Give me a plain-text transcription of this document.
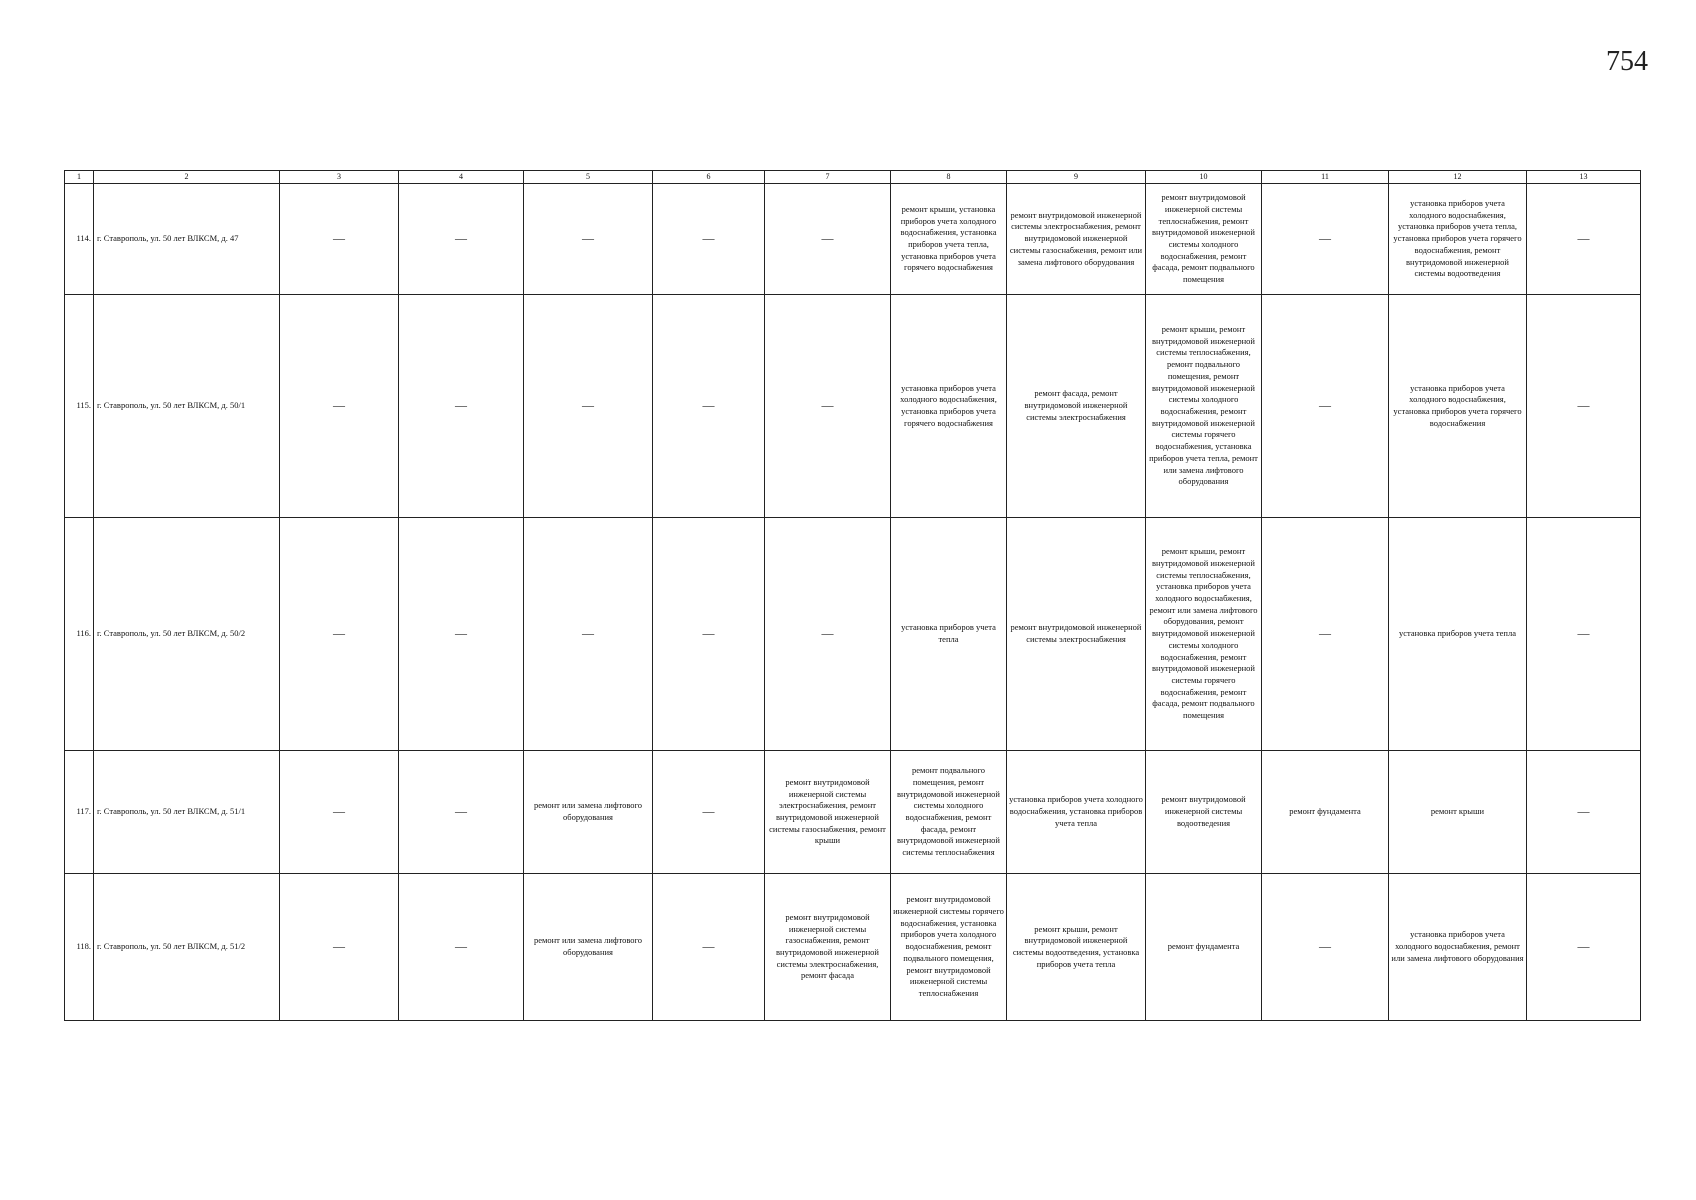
754
1	2	3	4	5	6	7	8	9	10	11	12	13
114.	г. Ставрополь, ул. 50 лет ВЛКСМ, д. 47	—	—	—	—	—	ремонт крыши, установка приборов учета холодного водоснабжения, установка приборов учета тепла, установка приборов учета горячего водоснабжения	ремонт внутридомовой инженерной системы электроснабжения, ремонт внутридомовой инженерной системы газоснабжения, ремонт или замена лифтового оборудования	ремонт внутридомовой инженерной системы теплоснабжения, ремонт внутридомовой инженерной системы холодного водоснабжения, ремонт фасада, ремонт подвального помещения	—	установка приборов учета холодного водоснабжения, установка приборов учета тепла, установка приборов учета горячего водоснабжения, ремонт внутридомовой инженерной системы водоотведения	—
115.	г. Ставрополь, ул. 50 лет ВЛКСМ, д. 50/1	—	—	—	—	—	установка приборов учета холодного водоснабжения, установка приборов учета горячего водоснабжения	ремонт фасада, ремонт внутридомовой инженерной системы электроснабжения	ремонт крыши, ремонт внутридомовой инженерной системы теплоснабжения, ремонт подвального помещения, ремонт внутридомовой инженерной системы холодного водоснабжения, ремонт внутридомовой инженерной системы горячего водоснабжения, установка приборов учета тепла, ремонт или замена лифтового оборудования	—	установка приборов учета холодного водоснабжения, установка приборов учета горячего водоснабжения	—
116.	г. Ставрополь, ул. 50 лет ВЛКСМ, д. 50/2	—	—	—	—	—	установка приборов учета тепла	ремонт внутридомовой инженерной системы электроснабжения	ремонт крыши, ремонт внутридомовой инженерной системы теплоснабжения, установка приборов учета холодного водоснабжения, ремонт или замена лифтового оборудования, ремонт внутридомовой инженерной системы холодного водоснабжения, ремонт внутридомовой инженерной системы горячего водоснабжения, ремонт фасада, ремонт подвального помещения	—	установка приборов учета тепла	—
117.	г. Ставрополь, ул. 50 лет ВЛКСМ, д. 51/1	—	—	ремонт или замена лифтового оборудования	—	ремонт внутридомовой инженерной системы электроснабжения, ремонт внутридомовой инженерной системы газоснабжения, ремонт крыши	ремонт подвального помещения, ремонт внутридомовой инженерной системы холодного водоснабжения, ремонт фасада, ремонт внутридомовой инженерной системы теплоснабжения	установка приборов учета холодного водоснабжения, установка приборов учета тепла	ремонт внутридомовой инженерной системы водоотведения	ремонт фундамента	ремонт крыши	—
118.	г. Ставрополь, ул. 50 лет ВЛКСМ, д. 51/2	—	—	ремонт или замена лифтового оборудования	—	ремонт внутридомовой инженерной системы газоснабжения, ремонт внутридомовой инженерной системы электроснабжения, ремонт фасада	ремонт внутридомовой инженерной системы горячего водоснабжения, установка приборов учета холодного водоснабжения, ремонт подвального помещения, ремонт внутридомовой инженерной системы теплоснабжения	ремонт крыши, ремонт внутридомовой инженерной системы водоотведения, установка приборов учета тепла	ремонт фундамента	—	установка приборов учета холодного водоснабжения, ремонт или замена лифтового оборудования	—
